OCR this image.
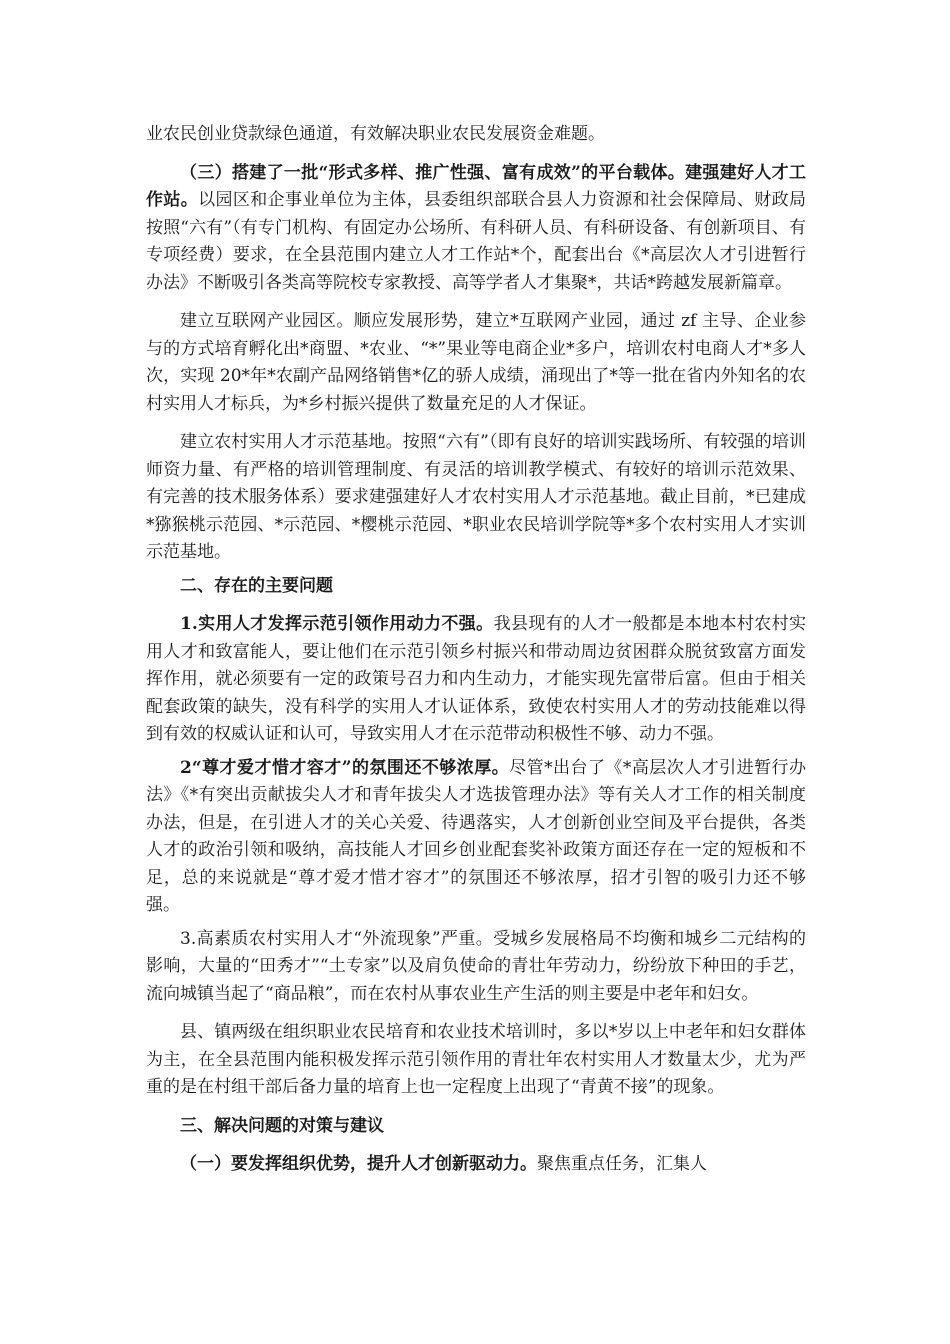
业农民创业贷款绿色通道，有效解决职业农民发展资金难题。

（三）搭建了一批“形式多样、推广性强、富有成效”的平台载体。建强建好人才工作站。以园区和企事业单位为主体，县委组织部联合县人力资源和社会保障局、财政局按照“六有”（有专门机构、有固定办公场所、有科研人员、有科研设备、有创新项目、有专项经费）要求，在全县范围内建立人才工作站*个，配套出台《*高层次人才引进暂行办法》不断吸引各类高等院校专家教授、高等学者人才集聚*，共话*跨越发展新篇章。

建立互联网产业园区。顺应发展形势，建立*互联网产业园，通过 zf 主导、企业参与的方式培育孵化出*商盟、*农业、“*”果业等电商企业*多户，培训农村电商人才*多人次，实现 20*年*农副产品网络销售*亿的骄人成绩，涌现出了*等一批在省内外知名的农村实用人才标兵，为*乡村振兴提供了数量充足的人才保证。

建立农村实用人才示范基地。按照“六有”（即有良好的培训实践场所、有较强的培训师资力量、有严格的培训管理制度、有灵活的培训教学模式、有较好的培训示范效果、有完善的技术服务体系）要求建强建好人才农村实用人才示范基地。截止目前，*已建成*猕猴桃示范园、*示范园、*樱桃示范园、*职业农民培训学院等*多个农村实用人才实训示范基地。

二、存在的主要问题

1.实用人才发挥示范引领作用动力不强。我县现有的人才一般都是本地本村农村实用人才和致富能人，要让他们在示范引领乡村振兴和带动周边贫困群众脱贫致富方面发挥作用，就必须要有一定的政策号召力和内生动力，才能实现先富带后富。但由于相关配套政策的缺失，没有科学的实用人才认证体系，致使农村实用人才的劳动技能难以得到有效的权威认证和认可，导致实用人才在示范带动积极性不够、动力不强。

2“尊才爱才惜才容才”的氛围还不够浓厚。尽管*出台了《*高层次人才引进暂行办法》《*有突出贡献拔尖人才和青年拔尖人才选拔管理办法》等有关人才工作的相关制度办法，但是，在引进人才的关心关爱、待遇落实，人才创新创业空间及平台提供，各类人才的政治引领和吸纳，高技能人才回乡创业配套奖补政策方面还存在一定的短板和不足，总的来说就是“尊才爱才惜才容才”的氛围还不够浓厚，招才引智的吸引力还不够强。

3.高素质农村实用人才“外流现象”严重。受城乡发展格局不均衡和城乡二元结构的影响，大量的“田秀才”“土专家”以及肩负使命的青壮年劳动力，纷纷放下种田的手艺，流向城镇当起了“商品粮”，而在农村从事农业生产生活的则主要是中老年和妇女。

县、镇两级在组织职业农民培育和农业技术培训时，多以*岁以上中老年和妇女群体为主，在全县范围内能积极发挥示范引领作用的青壮年农村实用人才数量太少，尤为严重的是在村组干部后备力量的培育上也一定程度上出现了“青黄不接”的现象。

三、解决问题的对策与建议

（一）要发挥组织优势，提升人才创新驱动力。聚焦重点任务，汇集人
